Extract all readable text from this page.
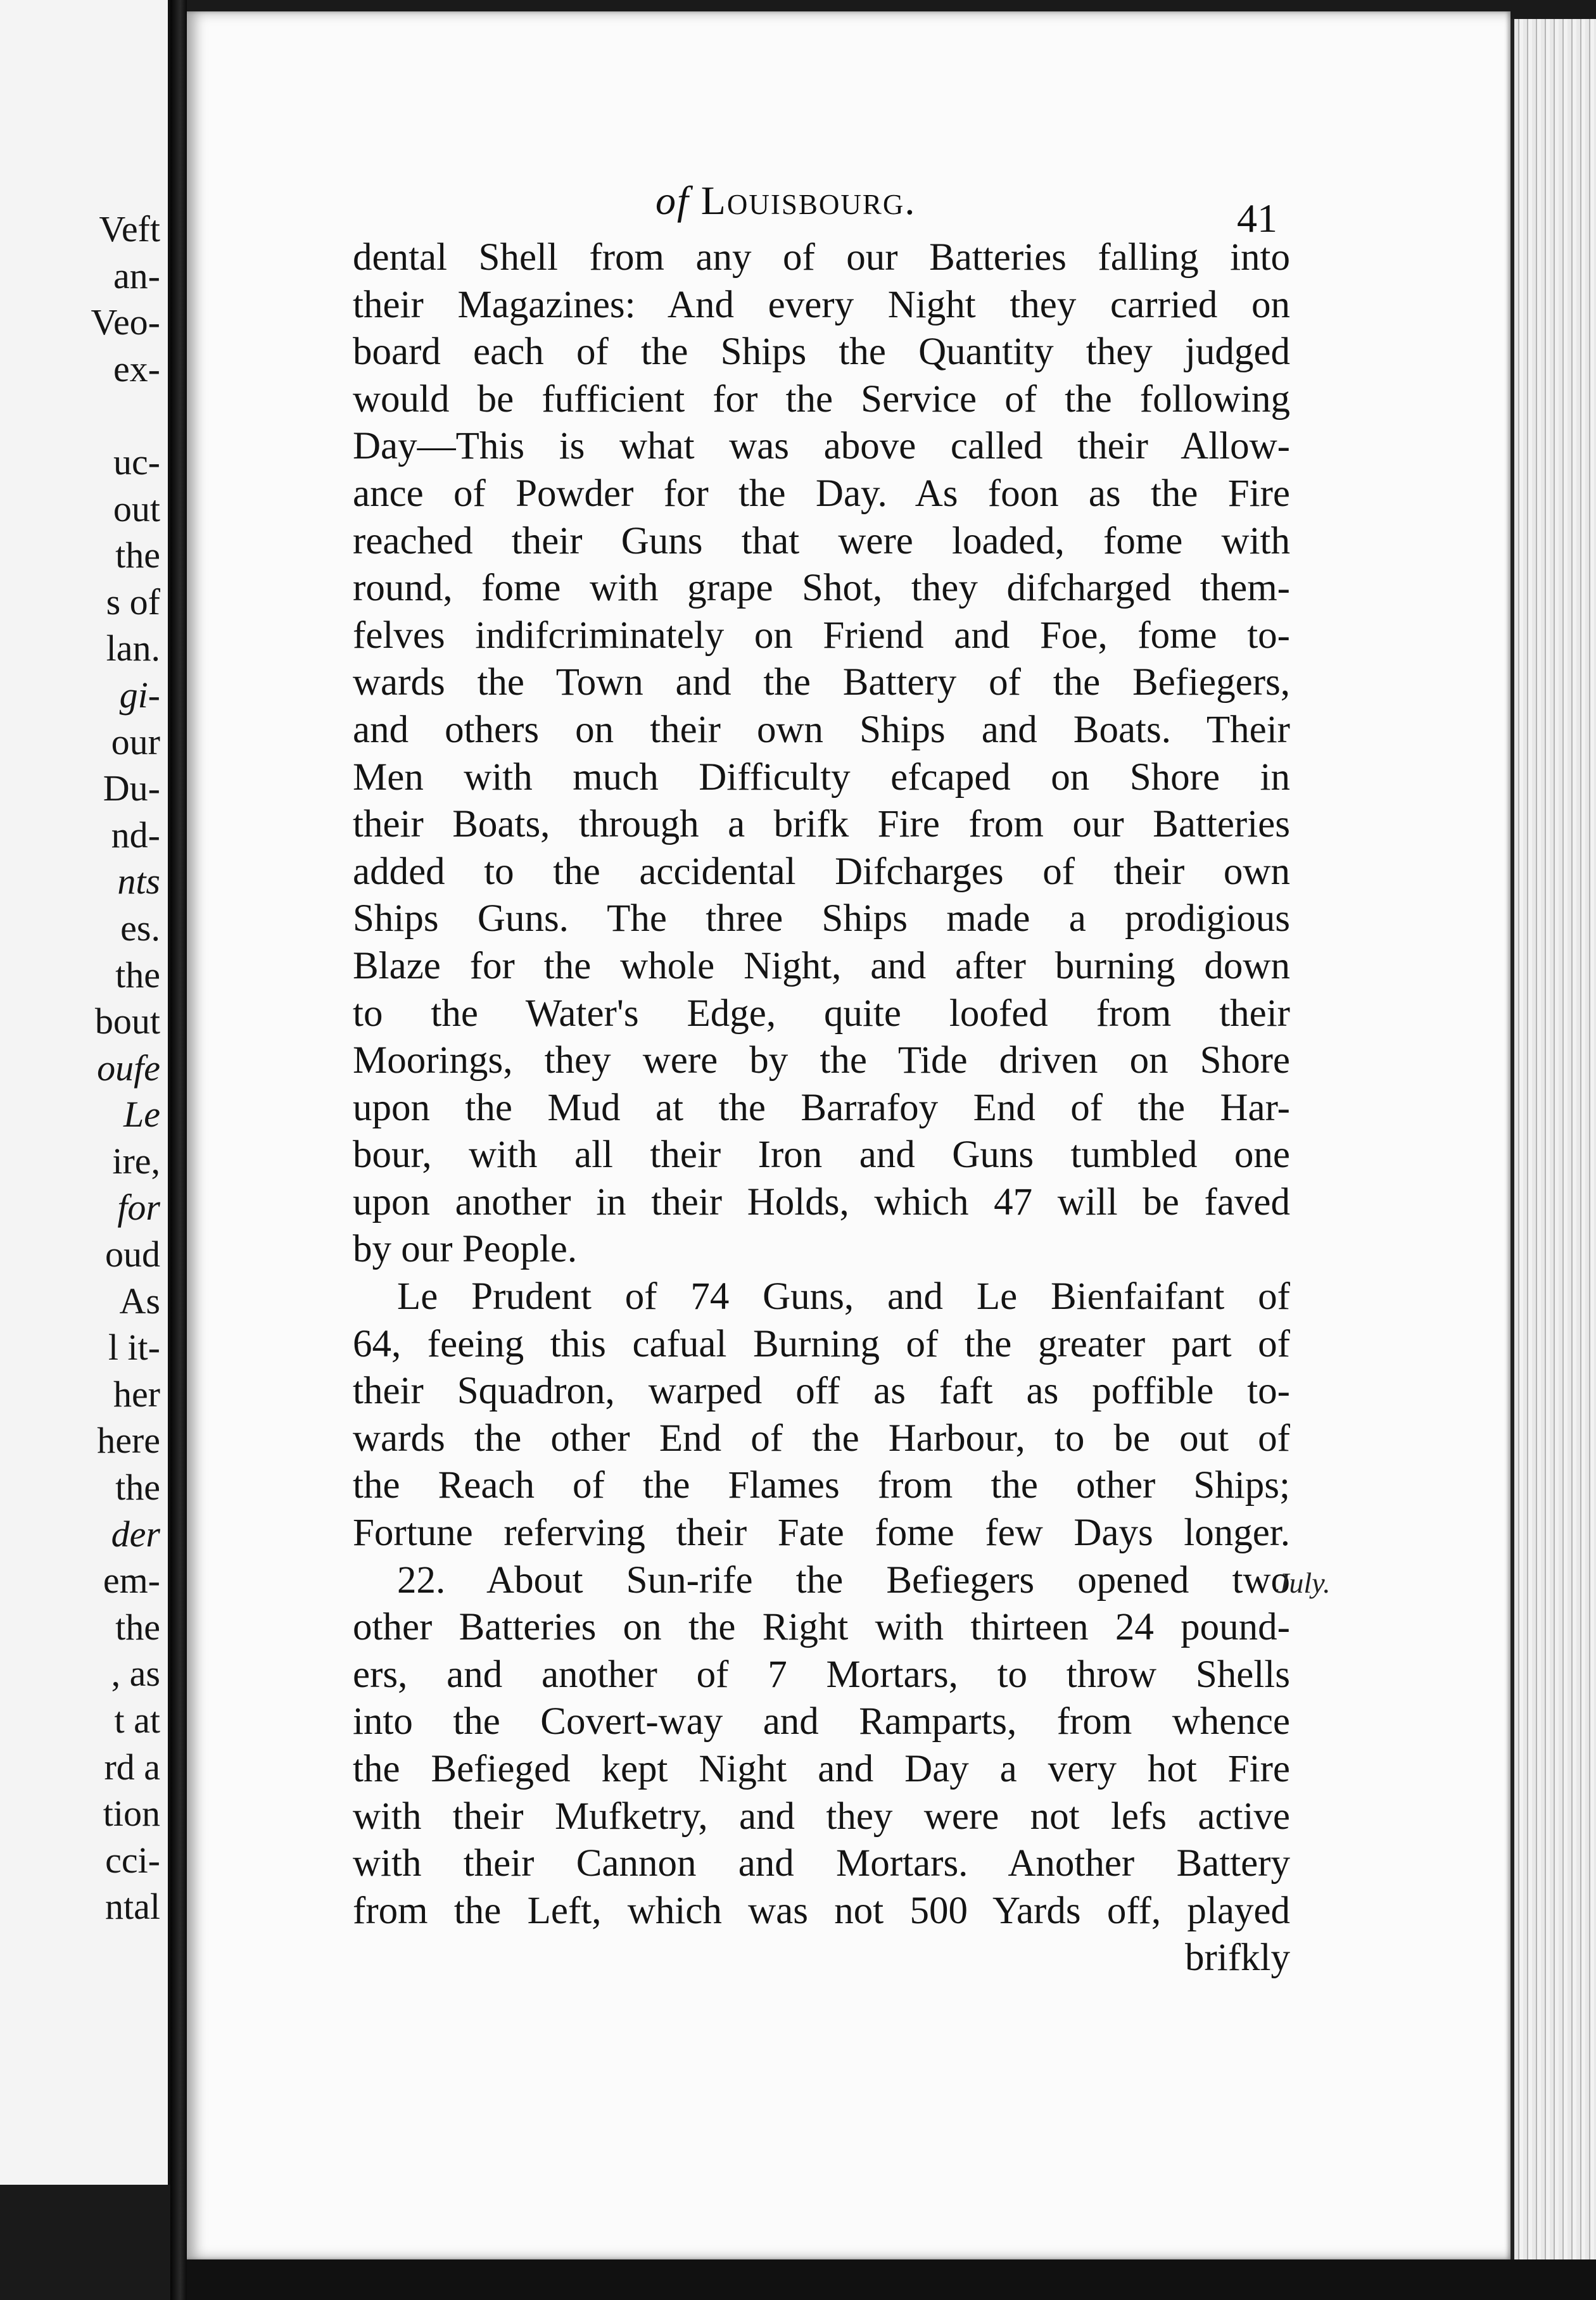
Veft
an-
Veo-
ex-
uc-
out
the
s of
lan.
gi-
our
Du-
nd-
nts
es.
the
bout
oufe
Le
ire,
for
oud
As
l it-
her
here
the
der
em-
the
, as
t at
rd a
tion
cci-
ntal
of Louisbourg.	41
dental Shell from any of our Batteries falling into
their Magazines: And every Night they carried on
board each of the Ships the Quantity they judged
would be fufficient for the Service of the following
Day—This is what was above called their Allow-
ance of Powder for the Day. As foon as the Fire
reached their Guns that were loaded, fome with
round, fome with grape Shot, they difcharged them-
felves indifcriminately on Friend and Foe, fome to-
wards the Town and the Battery of the Befiegers,
and others on their own Ships and Boats. Their
Men with much Difficulty efcaped on Shore in
their Boats, through a brifk Fire from our Batteries
added to the accidental Difcharges of their own
Ships Guns. The three Ships made a prodigious
Blaze for the whole Night, and after burning down
to the Water's Edge, quite loofed from their
Moorings, they were by the Tide driven on Shore
upon the Mud at the Barrafoy End of the Har-
bour, with all their Iron and Guns tumbled one
upon another in their Holds, which 47 will be faved
by our People.
Le Prudent of 74 Guns, and Le Bienfaifant of
64, feeing this cafual Burning of the greater part of
their Squadron, warped off as faft as poffible to-
wards the other End of the Harbour, to be out of
the Reach of the Flames from the other Ships;
Fortune referving their Fate fome few Days longer.
22. About Sun-rife the Befiegers opened two
other Batteries on the Right with thirteen 24 pound-
ers, and another of 7 Mortars, to throw Shells
into the Covert-way and Ramparts, from whence
the Befieged kept Night and Day a very hot Fire
with their Mufketry, and they were not lefs active
with their Cannon and Mortars. Another Battery
from the Left, which was not 500 Yards off, played
brifkly
July.
